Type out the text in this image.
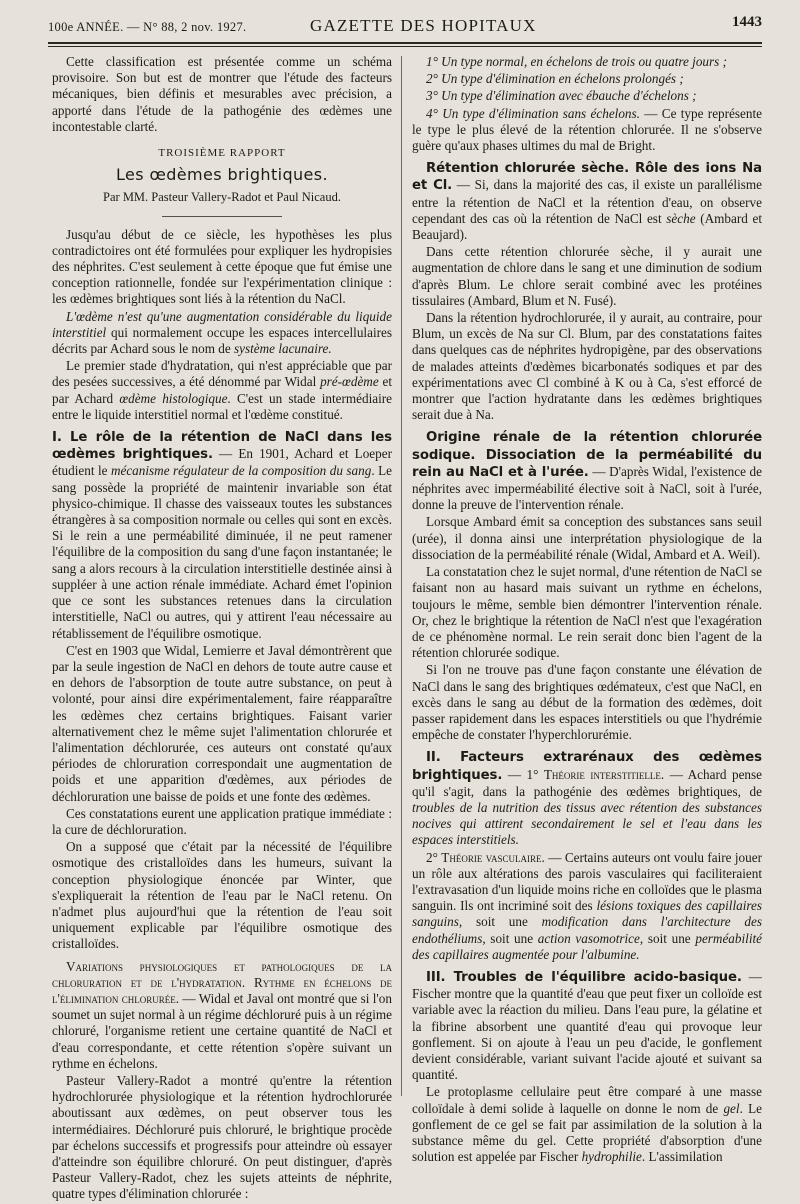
100e ANNÉE. — N° 88, 2 nov. 1927.	GAZETTE DES HOPITAUX	1443

Cette classification est présentée comme un schéma provisoire. Son but est de montrer que l'étude des facteurs mécaniques, bien définis et mesurables avec précision, a apporté dans l'étude de la pathogénie des œdèmes une incontestable clarté.

TROISIÈME RAPPORT

Les œdèmes brightiques.

Par MM. Pasteur Vallery-Radot et Paul Nicaud.

Jusqu'au début de ce siècle, les hypothèses les plus contradictoires ont été formulées pour expliquer les hydropisies des néphrites. C'est seulement à cette époque que fut émise une conception rationnelle, fondée sur l'expérimentation clinique : les œdèmes brightiques sont liés à la rétention du NaCl.

L'œdème n'est qu'une augmentation considérable du liquide interstitiel qui normalement occupe les espaces intercellulaires décrits par Achard sous le nom de système lacunaire.

Le premier stade d'hydratation, qui n'est appréciable que par des pesées successives, a été dénommé par Widal pré-œdème et par Achard œdème histologique. C'est un stade intermédiaire entre le liquide interstitiel normal et l'œdème constitué.

I. Le rôle de la rétention de NaCl dans les œdèmes brightiques. — En 1901, Achard et Loeper étudient le mécanisme régulateur de la composition du sang. Le sang possède la propriété de maintenir invariable son état physico-chimique. Il chasse des vaisseaux toutes les substances étrangères à sa composition normale ou celles qui sont en excès. Si le rein a une perméabilité diminuée, il ne peut ramener l'équilibre de la composition du sang d'une façon instantanée; le sang a alors recours à la circulation interstitielle destinée ainsi à suppléer à une action rénale immédiate. Achard émet l'opinion que ce sont les substances retenues dans la circulation interstitielle, NaCl ou autres, qui y attirent l'eau nécessaire au rétablissement de l'équilibre osmotique.

C'est en 1903 que Widal, Lemierre et Javal démontrèrent que par la seule ingestion de NaCl en dehors de toute autre cause et en dehors de l'absorption de toute autre substance, on peut à volonté, pour ainsi dire expérimentalement, faire réapparaître les œdèmes chez certains brightiques. Faisant varier alternativement chez le même sujet l'alimentation chlorurée et l'alimentation déchlorurée, ces auteurs ont constaté qu'aux périodes de chloruration correspondait une augmentation de poids et une apparition d'œdèmes, aux périodes de déchloruration une baisse de poids et une fonte des œdèmes.

Ces constatations eurent une application pratique immédiate : la cure de déchloruration.

On a supposé que c'était par la nécessité de l'équilibre osmotique des cristalloïdes dans les humeurs, suivant la conception physiologique énoncée par Winter, que s'expliquerait la rétention de l'eau par le NaCl retenu. On n'admet plus aujourd'hui que la rétention de l'eau soit uniquement explicable par l'équilibre osmotique des cristalloïdes.

Variations physiologiques et pathologiques de la chloruration et de l'hydratation. Rythme en échelons de l'élimination chlorurée. — Widal et Javal ont montré que si l'on soumet un sujet normal à un régime déchloruré puis à un régime chloruré, l'organisme retient une certaine quantité de NaCl et d'eau correspondante, et cette rétention s'opère suivant un rythme en échelons.

Pasteur Vallery-Radot a montré qu'entre la rétention hydrochlorurée physiologique et la rétention hydrochlorurée aboutissant aux œdèmes, on peut observer tous les intermédiaires. Déchloruré puis chloruré, le brightique procède par échelons successifs et progressifs pour atteindre où essayer d'atteindre son équilibre chloruré. On peut distinguer, d'après Pasteur Vallery-Radot, chez les sujets atteints de néphrite, quatre types d'élimination chlorurée :

1° Un type normal, en échelons de trois ou quatre jours ;

2° Un type d'élimination en échelons prolongés ;

3° Un type d'élimination avec ébauche d'échelons ;

4° Un type d'élimination sans échelons. — Ce type représente le type le plus élevé de la rétention chlorurée. Il ne s'observe guère qu'aux phases ultimes du mal de Bright.

Rétention chlorurée sèche. Rôle des ions Na et Cl. — Si, dans la majorité des cas, il existe un parallélisme entre la rétention de NaCl et la rétention d'eau, on observe cependant des cas où la rétention de NaCl est sèche (Ambard et Beaujard).

Dans cette rétention chlorurée sèche, il y aurait une augmentation de chlore dans le sang et une diminution de sodium d'après Blum. Le chlore serait combiné avec les protéines tissulaires (Ambard, Blum et N. Fusé).

Dans la rétention hydrochlorurée, il y aurait, au contraire, pour Blum, un excès de Na sur Cl. Blum, par des constatations faites dans quelques cas de néphrites hydropigène, par des observations de malades atteints d'œdèmes bicarbonatés sodiques et par des expérimentations avec Cl combiné à K ou à Ca, s'est efforcé de montrer que l'action hydratante dans les œdèmes brightiques serait due à Na.

Origine rénale de la rétention chlorurée sodique. Dissociation de la perméabilité du rein au NaCl et à l'urée. — D'après Widal, l'existence de néphrites avec imperméabilité élective soit à NaCl, soit à l'urée, donne la preuve de l'intervention rénale.

Lorsque Ambard émit sa conception des substances sans seuil (urée), il donna ainsi une interprétation physiologique de la dissociation de la perméabilité rénale (Widal, Ambard et A. Weil).

La constatation chez le sujet normal, d'une rétention de NaCl se faisant non au hasard mais suivant un rythme en échelons, toujours le même, semble bien démontrer l'intervention rénale. Or, chez le brightique la rétention de NaCl n'est que l'exagération de ce phénomène normal. Le rein serait donc bien l'agent de la rétention chlorurée sodique.

Si l'on ne trouve pas d'une façon constante une élévation de NaCl dans le sang des brightiques œdémateux, c'est que NaCl, en excès dans le sang au début de la formation des œdèmes, doit passer rapidement dans les espaces interstitiels ou que l'hydrémie empêche de constater l'hyperchlorurémie.

II. Facteurs extrarénaux des œdèmes brightiques. — 1° Théorie interstitielle. — Achard pense qu'il s'agit, dans la pathogénie des œdèmes brightiques, de troubles de la nutrition des tissus avec rétention des substances nocives qui attirent secondairement le sel et l'eau dans les espaces interstitiels.

2° Théorie vasculaire. — Certains auteurs ont voulu faire jouer un rôle aux altérations des parois vasculaires qui faciliteraient l'extravasation d'un liquide moins riche en colloïdes que le plasma sanguin. Ils ont incriminé soit des lésions toxiques des capillaires sanguins, soit une modification dans l'architecture des endothéliums, soit une action vasomotrice, soit une perméabilité des capillaires augmentée pour l'albumine.

III. Troubles de l'équilibre acido-basique. — Fischer montre que la quantité d'eau que peut fixer un colloïde est variable avec la réaction du milieu. Dans l'eau pure, la gélatine et la fibrine absorbent une quantité d'eau qui provoque leur gonflement. Si on ajoute à l'eau un peu d'acide, le gonflement devient considérable, variant suivant l'acide ajouté et suivant sa quantité.

Le protoplasme cellulaire peut être comparé à une masse colloïdale à demi solide à laquelle on donne le nom de gel. Le gonflement de ce gel se fait par assimilation de la solution à la substance même du gel. Cette propriété d'absorption d'une solution est appelée par Fischer hydrophilie. L'assimilation
